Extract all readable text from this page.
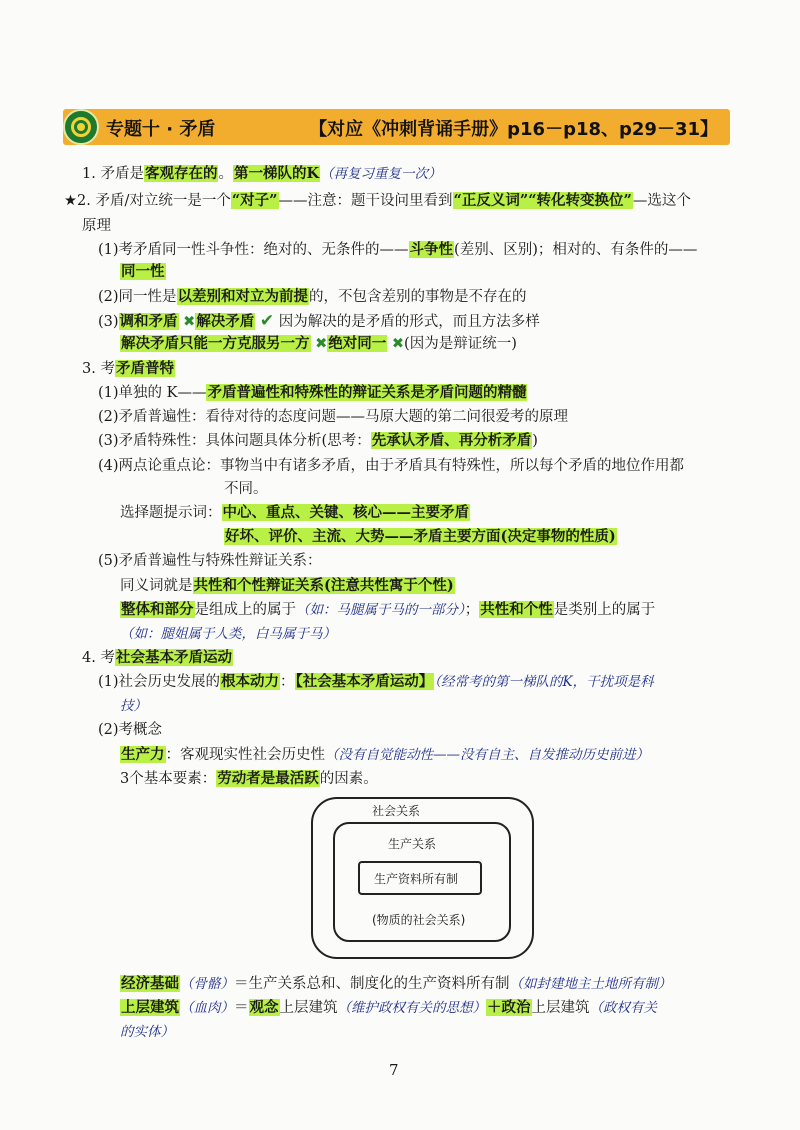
专题十 · 矛盾	【对应《冲刺背诵手册》p16－p18、p29－31】
1. 矛盾是客观存在的。第一梯队的K（再复习重复一次）
★2. 矛盾/对立统一是一个“对子”——注意：题干设问里看到“正反义词”“转化转变换位”—选这个
原理
(1)考矛盾同一性斗争性：绝对的、无条件的——斗争性(差别、区别)；相对的、有条件的——
同一性
(2)同一性是以差别和对立为前提的，不包含差别的事物是不存在的
(3)调和矛盾 ✖解决矛盾 ✔ 因为解决的是矛盾的形式，而且方法多样
解决矛盾只能一方克服另一方 ✖绝对同一 ✖(因为是辩证统一)
3. 考矛盾普特
(1)单独的 K——矛盾普遍性和特殊性的辩证关系是矛盾问题的精髓
(2)矛盾普遍性：看待对待的态度问题——马原大题的第二问很爱考的原理
(3)矛盾特殊性：具体问题具体分析(思考：先承认矛盾、再分析矛盾)
(4)两点论重点论：事物当中有诸多矛盾，由于矛盾具有特殊性，所以每个矛盾的地位作用都
不同。
选择题提示词：中心、重点、关键、核心——主要矛盾
好坏、评价、主流、大势——矛盾主要方面(决定事物的性质)
(5)矛盾普遍性与特殊性辩证关系：
同义词就是共性和个性辩证关系(注意共性寓于个性)
整体和部分是组成上的属于（如：马腿属于马的一部分）；共性和个性是类别上的属于
（如：腿姐属于人类，白马属于马）
4. 考社会基本矛盾运动
(1)社会历史发展的根本动力：【社会基本矛盾运动】（经常考的第一梯队的K，干扰项是科
技）
(2)考概念
生产力：客观现实性社会历史性（没有自觉能动性——没有自主、自发推动历史前进）
3个基本要素：劳动者是最活跃的因素。
社会关系
生产关系
生产资料所有制
(物质的社会关系)
经济基础（骨骼）＝生产关系总和、制度化的生产资料所有制（如封建地主土地所有制）
上层建筑（血肉）＝观念上层建筑（维护政权有关的思想）＋政治上层建筑（政权有关
的实体）
7
